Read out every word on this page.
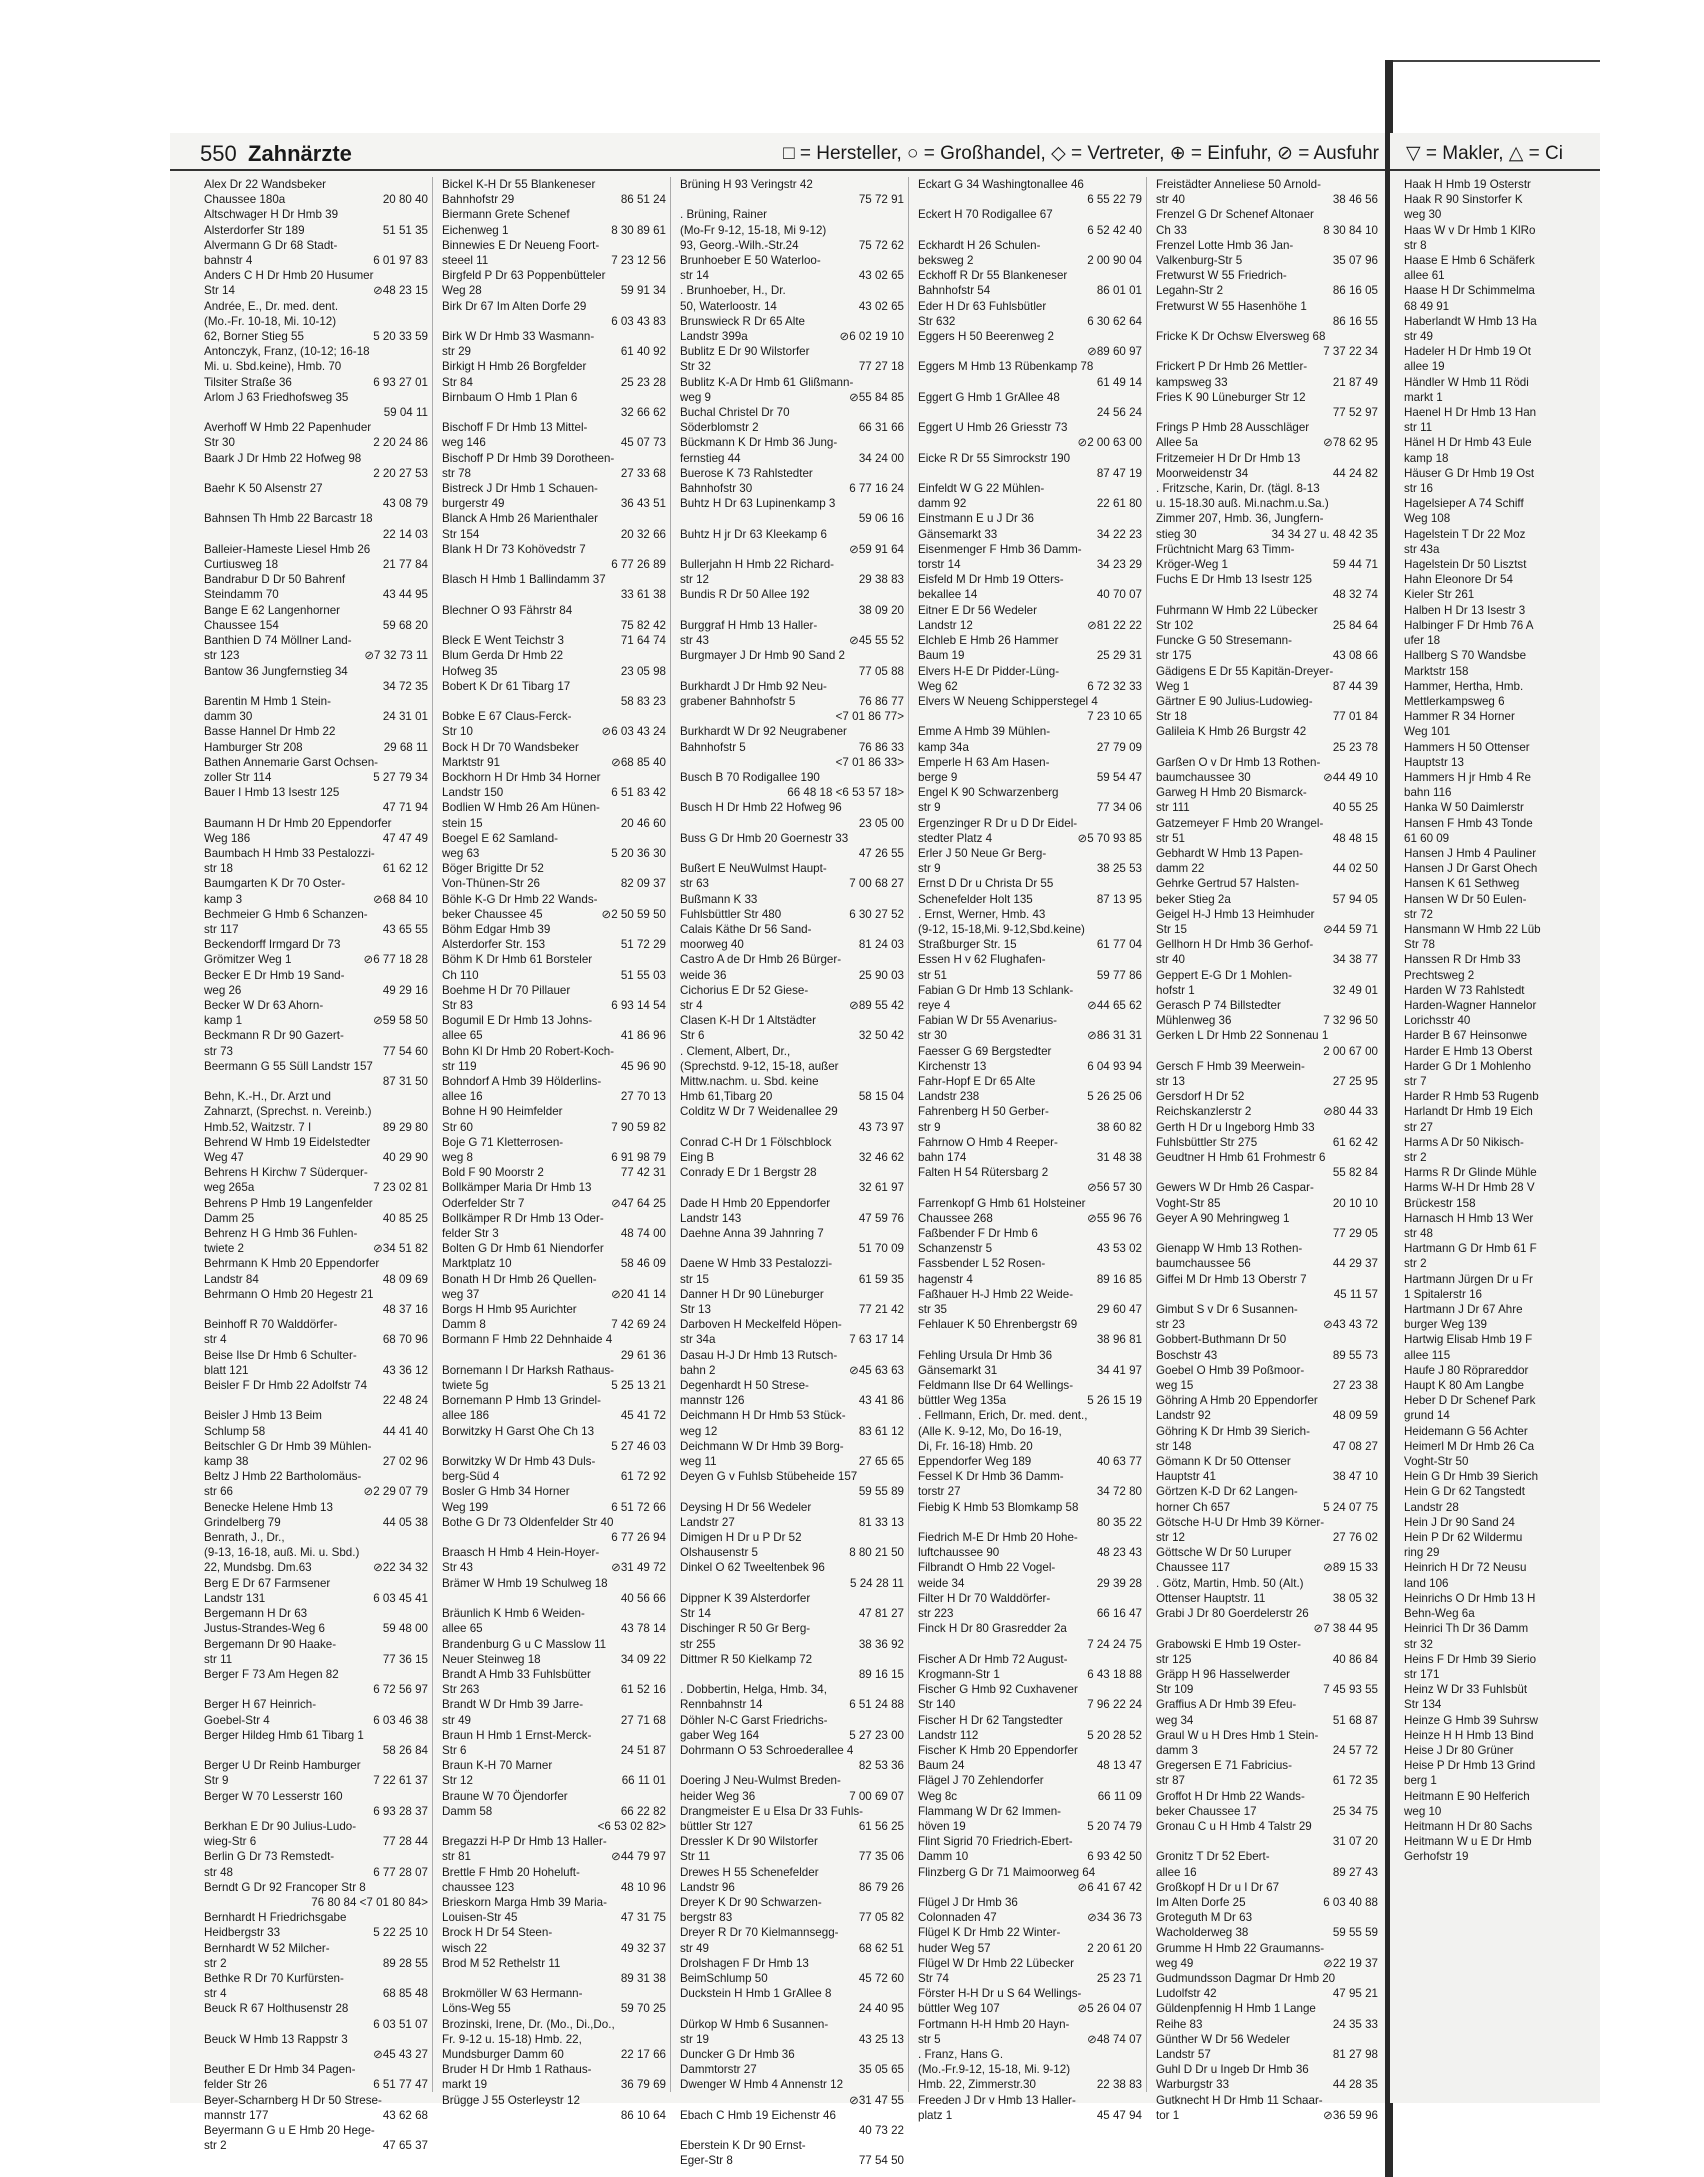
550 Zahnärzte	□ = Hersteller, ○ = Großhandel, ◇ = Vertreter, ⊕ = Einfuhr, ⊘ = Ausfuhr
Alex Dr 22 Wandsbeker
Chaussee 180a	20 80 40
Altschwager H Dr Hmb 39
Alsterdorfer Str 189	51 51 35
Alvermann G Dr 68 Stadt-
bahnstr 4	6 01 97 83
Anders C H Dr Hmb 20 Husumer
Str 14	⊘48 23 15
Andrée, E., Dr. med. dent.
(Mo.-Fr. 10-18, Mi. 10-12)
62, Borner Stieg 55	5 20 33 59
Antonczyk, Franz, (10-12; 16-18
Mi. u. Sbd.keine), Hmb. 70
Tilsiter Straße 36	6 93 27 01
Arlom J 63 Friedhofsweg 35
59 04 11
Averhoff W Hmb 22 Papenhuder
Str 30	2 20 24 86
Baark J Dr Hmb 22 Hofweg 98
2 20 27 53
Baehr K 50 Alsenstr 27
43 08 79
Bahnsen Th Hmb 22 Barcastr 18
22 14 03
Balleier-Hameste Liesel Hmb 26
Curtiusweg 18	21 77 84
Bandrabur D Dr 50 Bahrenf
Steindamm 70	43 44 95
Bange E 62 Langenhorner
Chaussee 154	59 68 20
Banthien D 74 Möllner Land-
str 123	⊘7 32 73 11
Bantow 36 Jungfernstieg 34
34 72 35
Barentin M Hmb 1 Stein-
damm 30	24 31 01
Basse Hannel Dr Hmb 22
Hamburger Str 208	29 68 11
Bathen Annemarie Garst Ochsen-
zoller Str 114	5 27 79 34
Bauer I Hmb 13 Isestr 125
47 71 94
Baumann H Dr Hmb 20 Eppendorfer
Weg 186	47 47 49
Baumbach H Hmb 33 Pestalozzi-
str 18	61 62 12
Baumgarten K Dr 70 Oster-
kamp 3	⊘68 84 10
Bechmeier G Hmb 6 Schanzen-
str 117	43 65 55
Beckendorff Irmgard Dr 73
Grömitzer Weg 1	⊘6 77 18 28
Becker E Dr Hmb 19 Sand-
weg 26	49 29 16
Becker W Dr 63 Ahorn-
kamp 1	⊘59 58 50
Beckmann R Dr 90 Gazert-
str 73	77 54 60
Beermann G 55 Süll Landstr 157
87 31 50
Behn, K.-H., Dr. Arzt und
Zahnarzt, (Sprechst. n. Vereinb.)
Hmb.52, Waitzstr. 7 I	89 29 80
Behrend W Hmb 19 Eidelstedter
Weg 47	40 29 90
Behrens H Kirchw 7 Süderquer-
weg 265a	7 23 02 81
Behrens P Hmb 19 Langenfelder
Damm 25	40 85 25
Behrenz H G Hmb 36 Fuhlen-
twiete 2	⊘34 51 82
Behrmann K Hmb 20 Eppendorfer
Landstr 84	48 09 69
Behrmann O Hmb 20 Hegestr 21
48 37 16
Beinhoff R 70 Walddörfer-
str 4	68 70 96
Beise Ilse Dr Hmb 6 Schulter-
blatt 121	43 36 12
Beisler F Dr Hmb 22 Adolfstr 74
22 48 24
Beisler J Hmb 13 Beim
Schlump 58	44 41 40
Beitschler G Dr Hmb 39 Mühlen-
kamp 38	27 02 96
Beltz J Hmb 22 Bartholomäus-
str 66	⊘2 29 07 79
Benecke Helene Hmb 13
Grindelberg 79	44 05 38
Benrath, J., Dr.,
(9-13, 16-18, auß. Mi. u. Sbd.)
22, Mundsbg. Dm.63	⊘22 34 32
Berg E Dr 67 Farmsener
Landstr 131	6 03 45 41
Bergemann H Dr 63
Justus-Strandes-Weg 6	59 48 00
Bergemann Dr 90 Haake-
str 11	77 36 15
Berger F 73 Am Hegen 82
6 72 56 97
Berger H 67 Heinrich-
Goebel-Str 4	6 03 46 38
Berger Hildeg Hmb 61 Tibarg 1
58 26 84
Berger U Dr Reinb Hamburger
Str 9	7 22 61 37
Berger W 70 Lesserstr 160
6 93 28 37
Berkhan E Dr 90 Julius-Ludo-
wieg-Str 6	77 28 44
Berlin G Dr 73 Remstedt-
str 48	6 77 28 07
Berndt G Dr 92 Francoper Str 8
76 80 84 <7 01 80 84>
Bernhardt H Friedrichsgabe
Heidbergstr 33	5 22 25 10
Bernhardt W 52 Milcher-
str 2	89 28 55
Bethke R Dr 70 Kurfürsten-
str 4	68 85 48
Beuck R 67 Holthusenstr 28
6 03 51 07
Beuck W Hmb 13 Rappstr 3
⊘45 43 27
Beuther E Dr Hmb 34 Pagen-
felder Str 26	6 51 77 47
Beyer-Scharnberg H Dr 50 Strese-
mannstr 177	43 62 68
Beyermann G u E Hmb 20 Hege-
str 2	47 65 37
Bickel K-H Dr 55 Blankeneser
Bahnhofstr 29	86 51 24
Biermann Grete Schenef
Eichenweg 1	8 30 89 61
Binnewies E Dr Neueng Foort-
steeel 11	7 23 12 56
Birgfeld P Dr 63 Poppenbütteler
Weg 28	59 91 34
Birk Dr 67 Im Alten Dorfe 29
6 03 43 83
Birk W Dr Hmb 33 Wasmann-
str 29	61 40 92
Birkigt H Hmb 26 Borgfelder
Str 84	25 23 28
Birnbaum O Hmb 1 Plan 6
32 66 62
Bischoff F Dr Hmb 13 Mittel-
weg 146	45 07 73
Bischoff P Dr Hmb 39 Dorotheen-
str 78	27 33 68
Bistreck J Dr Hmb 1 Schauen-
burgerstr 49	36 43 51
Blanck A Hmb 26 Marienthaler
Str 154	20 32 66
Blank H Dr 73 Kohövedstr 7
6 77 26 89
Blasch H Hmb 1 Ballindamm 37
33 61 38
Blechner O 93 Fährstr 84
75 82 42
Bleck E Went Teichstr 3	71 64 74
Blum Gerda Dr Hmb 22
Hofweg 35	23 05 98
Bobert K Dr 61 Tibarg 17
58 83 23
Bobke E 67 Claus-Ferck-
Str 10	⊘6 03 43 24
Bock H Dr 70 Wandsbeker
Marktstr 91	⊘68 85 40
Bockhorn H Dr Hmb 34 Horner
Landstr 150	6 51 83 42
Bodlien W Hmb 26 Am Hünen-
stein 15	20 46 60
Boegel E 62 Samland-
weg 63	5 20 36 30
Böger Brigitte Dr 52
Von-Thünen-Str 26	82 09 37
Böhle K-G Dr Hmb 22 Wands-
beker Chaussee 45	⊘2 50 59 50
Böhm Edgar Hmb 39
Alsterdorfer Str. 153	51 72 29
Böhm K Dr Hmb 61 Borsteler
Ch 110	51 55 03
Boehme H Dr 70 Pillauer
Str 83	6 93 14 54
Bogumil E Dr Hmb 13 Johns-
allee 65	41 86 96
Bohn Kl Dr Hmb 20 Robert-Koch-
str 119	45 96 90
Bohndorf A Hmb 39 Hölderlins-
allee 16	27 70 13
Bohne H 90 Heimfelder
Str 60	7 90 59 82
Boje G 71 Kletterrosen-
weg 8	6 91 98 79
Bold F 90 Moorstr 2	77 42 31
Bollkämper Maria Dr Hmb 13
Oderfelder Str 7	⊘47 64 25
Bollkämper R Dr Hmb 13 Oder-
felder Str 3	48 74 00
Bolten G Dr Hmb 61 Niendorfer
Marktplatz 10	58 46 09
Bonath H Dr Hmb 26 Quellen-
weg 37	⊘20 41 14
Borgs H Hmb 95 Aurichter
Damm 8	7 42 69 24
Bormann F Hmb 22 Dehnhaide 4
29 61 36
Bornemann I Dr Harksh Rathaus-
twiete 5g	5 25 13 21
Bornemann P Hmb 13 Grindel-
allee 186	45 41 72
Borwitzky H Garst Ohe Ch 13
5 27 46 03
Borwitzky W Dr Hmb 43 Duls-
berg-Süd 4	61 72 92
Bosler G Hmb 34 Horner
Weg 199	6 51 72 66
Bothe G Dr 73 Oldenfelder Str 40
6 77 26 94
Braasch H Hmb 4 Hein-Hoyer-
Str 43	⊘31 49 72
Brämer W Hmb 19 Schulweg 18
40 56 66
Bräunlich K Hmb 6 Weiden-
allee 65	43 78 14
Brandenburg G u C Masslow 11
Neuer Steinweg 18	34 09 22
Brandt A Hmb 33 Fuhlsbütter
Str 263	61 52 16
Brandt W Dr Hmb 39 Jarre-
str 49	27 71 68
Braun H Hmb 1 Ernst-Merck-
Str 6	24 51 87
Braun K-H 70 Marner
Str 12	66 11 01
Braune W 70 Öjendorfer
Damm 58	66 22 82
<6 53 02 82>
Bregazzi H-P Dr Hmb 13 Haller-
str 81	⊘44 79 97
Brettle F Hmb 20 Hoheluft-
chaussee 123	48 10 96
Brieskorn Marga Hmb 39 Maria-
Louisen-Str 45	47 31 75
Brock H Dr 54 Steen-
wisch 22	49 32 37
Brod M 52 Rethelstr 11
89 31 38
Brokmöller W 63 Hermann-
Löns-Weg 55	59 70 25
Brozinski, Irene, Dr. (Mo., Di.,Do.,
Fr. 9-12 u. 15-18) Hmb. 22,
Mundsburger Damm 60	22 17 66
Bruder H Dr Hmb 1 Rathaus-
markt 19	36 79 69
Brügge J 55 Osterleystr 12
86 10 64
Brüning H 93 Veringstr 42
75 72 91
. Brüning, Rainer
(Mo-Fr 9-12, 15-18, Mi 9-12)
93, Georg.-Wilh.-Str.24	75 72 62
Brunhoeber E 50 Waterloo-
str 14	43 02 65
. Brunhoeber, H., Dr.
50, Waterloostr. 14	43 02 65
Brunswieck R Dr 65 Alte
Landstr 399a	⊘6 02 19 10
Bublitz E Dr 90 Wilstorfer
Str 32	77 27 18
Bublitz K-A Dr Hmb 61 Glißmann-
weg 9	⊘55 84 85
Buchal Christel Dr 70
Söderblomstr 2	66 31 66
Bückmann K Dr Hmb 36 Jung-
fernstieg 44	34 24 00
Buerose K 73 Rahlstedter
Bahnhofstr 30	6 77 16 24
Buhtz H Dr 63 Lupinenkamp 3
59 06 16
Buhtz H jr Dr 63 Kleekamp 6
⊘59 91 64
Bullerjahn H Hmb 22 Richard-
str 12	29 38 83
Bundis R Dr 50 Allee 192
38 09 20
Burggraf H Hmb 13 Haller-
str 43	⊘45 55 52
Burgmayer J Dr Hmb 90 Sand 2
77 05 88
Burkhardt J Dr Hmb 92 Neu-
grabener Bahnhofstr 5	76 86 77
<7 01 86 77>
Burkhardt W Dr 92 Neugrabener
Bahnhofstr 5	76 86 33
<7 01 86 33>
Busch B 70 Rodigallee 190
66 48 18 <6 53 57 18>
Busch H Dr Hmb 22 Hofweg 96
23 05 00
Buss G Dr Hmb 20 Goernestr 33
47 26 55
Bußert E NeuWulmst Haupt-
str 63	7 00 68 27
Bußmann K 33
Fuhlsbüttler Str 480	6 30 27 52
Calais Käthe Dr 56 Sand-
moorweg 40	81 24 03
Castro A de Dr Hmb 26 Bürger-
weide 36	25 90 03
Cichorius E Dr 52 Giese-
str 4	⊘89 55 42
Clasen K-H Dr 1 Altstädter
Str 6	32 50 42
. Clement, Albert, Dr.,
(Sprechstd. 9-12, 15-18, außer
Mittw.nachm. u. Sbd. keine
Hmb 61,Tibarg 20	58 15 04
Colditz W Dr 7 Weidenallee 29
43 73 97
Conrad C-H Dr 1 Fölschblock
Eing B	32 46 62
Conrady E Dr 1 Bergstr 28
32 61 97
Dade H Hmb 20 Eppendorfer
Landstr 143	47 59 76
Daehne Anna 39 Jahnring 7
51 70 09
Daene W Hmb 33 Pestalozzi-
str 15	61 59 35
Danner H Dr 90 Lüneburger
Str 13	77 21 42
Darboven H Meckelfeld Höpen-
str 34a	7 63 17 14
Dasau H-J Dr Hmb 13 Rutsch-
bahn 2	⊘45 63 63
Degenhardt H 50 Strese-
mannstr 126	43 41 86
Deichmann H Dr Hmb 53 Stück-
weg 12	83 61 12
Deichmann W Dr Hmb 39 Borg-
weg 11	27 65 65
Deyen G v Fuhlsb Stübeheide 157
59 55 89
Deysing H Dr 56 Wedeler
Landstr 27	81 33 13
Dimigen H Dr u P Dr 52
Olshausenstr 5	8 80 21 50
Dinkel O 62 Tweeltenbek 96
5 24 28 11
Dippner K 39 Alsterdorfer
Str 14	47 81 27
Dischinger R 50 Gr Berg-
str 255	38 36 92
Dittmer R 50 Kielkamp 72
89 16 15
. Dobbertin, Helga, Hmb. 34,
Rennbahnstr 14	6 51 24 88
Döhler N-C Garst Friedrichs-
gaber Weg 164	5 27 23 00
Dohrmann O 53 Schroederallee 4
82 53 36
Doering J Neu-Wulmst Breden-
heider Weg 36	7 00 69 07
Drangmeister E u Elsa Dr 33 Fuhls-
büttler Str 127	61 56 25
Dressler K Dr 90 Wilstorfer
Str 11	77 35 06
Drewes H 55 Schenefelder
Landstr 96	86 79 26
Dreyer K Dr 90 Schwarzen-
bergstr 83	77 05 82
Dreyer R Dr 70 Kielmannsegg-
str 49	68 62 51
Drolshagen F Dr Hmb 13
BeimSchlump 50	45 72 60
Duckstein H Hmb 1 GrAllee 8
24 40 95
Dürkop W Hmb 6 Susannen-
str 19	43 25 13
Duncker G Dr Hmb 36
Dammtorstr 27	35 05 65
Dwenger W Hmb 4 Annenstr 12
⊘31 47 55
Ebach C Hmb 19 Eichenstr 46
40 73 22
Eberstein K Dr 90 Ernst-
Eger-Str 8	77 54 50
Eckart G 34 Washingtonallee 46
6 55 22 79
Eckert H 70 Rodigallee 67
6 52 42 40
Eckhardt H 26 Schulen-
beksweg 2	2 00 90 04
Eckhoff R Dr 55 Blankeneser
Bahnhofstr 54	86 01 01
Eder H Dr 63 Fuhlsbütler
Str 632	6 30 62 64
Eggers H 50 Beerenweg 2
⊘89 60 97
Eggers M Hmb 13 Rübenkamp 78
61 49 14
Eggert G Hmb 1 GrAllee 48
24 56 24
Eggert U Hmb 26 Griesstr 73
⊘2 00 63 00
Eicke R Dr 55 Simrockstr 190
87 47 19
Einfeldt W G 22 Mühlen-
damm 92	22 61 80
Einstmann E u J Dr 36
Gänsemarkt 33	34 22 23
Eisenmenger F Hmb 36 Damm-
torstr 14	34 23 29
Eisfeld M Dr Hmb 19 Otters-
bekallee 14	40 70 07
Eitner E Dr 56 Wedeler
Landstr 12	⊘81 22 22
Elchleb E Hmb 26 Hammer
Baum 19	25 29 31
Elvers H-E Dr Pidder-Lüng-
Weg 62	6 72 32 33
Elvers W Neueng Schipperstegel 4
7 23 10 65
Emme A Hmb 39 Mühlen-
kamp 34a	27 79 09
Emperle H 63 Am Hasen-
berge 9	59 54 47
Engel K 90 Schwarzenberg
str 9	77 34 06
Ergenzinger R Dr u D Dr Eidel-
stedter Platz 4	⊘5 70 93 85
Erler J 50 Neue Gr Berg-
str 9	38 25 53
Ernst D Dr u Christa Dr 55
Schenefelder Holt 135	87 13 95
. Ernst, Werner, Hmb. 43
(9-12, 15-18,Mi. 9-12,Sbd.keine)
Straßburger Str. 15	61 77 04
Essen H v 62 Flughafen-
str 51	59 77 86
Fabian G Dr Hmb 13 Schlank-
reye 4	⊘44 65 62
Fabian W Dr 55 Avenarius-
str 30	⊘86 31 31
Faesser G 69 Bergstedter
Kirchenstr 13	6 04 93 94
Fahr-Hopf E Dr 65 Alte
Landstr 238	5 26 25 06
Fahrenberg H 50 Gerber-
str 9	38 60 82
Fahrnow O Hmb 4 Reeper-
bahn 174	31 48 38
Falten H 54 Rütersbarg 2
⊘56 57 30
Farrenkopf G Hmb 61 Holsteiner
Chaussee 268	⊘55 96 76
Faßbender F Dr Hmb 6
Schanzenstr 5	43 53 02
Fassbender L 52 Rosen-
hagenstr 4	89 16 85
Faßhauer H-J Hmb 22 Weide-
str 35	29 60 47
Fehlauer K 50 Ehrenbergstr 69
38 96 81
Fehling Ursula Dr Hmb 36
Gänsemarkt 31	34 41 97
Feldmann Ilse Dr 64 Wellings-
büttler Weg 135a	5 26 15 19
. Fellmann, Erich, Dr. med. dent.,
(Alle K. 9-12, Mo, Do 16-19,
Di, Fr. 16-18) Hmb. 20
Eppendorfer Weg 189	40 63 77
Fessel K Dr Hmb 36 Damm-
torstr 27	34 72 80
Fiebig K Hmb 53 Blomkamp 58
80 35 22
Fiedrich M-E Dr Hmb 20 Hohe-
luftchaussee 90	48 23 43
Filbrandt O Hmb 22 Vogel-
weide 34	29 39 28
Filter H Dr 70 Walddörfer-
str 223	66 16 47
Finck H Dr 80 Grasredder 2a
7 24 24 75
Fischer A Dr Hmb 72 August-
Krogmann-Str 1	6 43 18 88
Fischer G Hmb 92 Cuxhavener
Str 140	7 96 22 24
Fischer H Dr 62 Tangstedter
Landstr 112	5 20 28 52
Fischer K Hmb 20 Eppendorfer
Baum 24	48 13 47
Flägel J 70 Zehlendorfer
Weg 8c	66 11 09
Flammang W Dr 62 Immen-
höven 19	5 20 74 79
Flint Sigrid 70 Friedrich-Ebert-
Damm 10	6 93 42 50
Flinzberg G Dr 71 Maimoorweg 64
⊘6 41 67 42
Flügel J Dr Hmb 36
Colonnaden 47	⊘34 36 73
Flügel K Dr Hmb 22 Winter-
huder Weg 57	2 20 61 20
Flügel W Dr Hmb 22 Lübecker
Str 74	25 23 71
Förster H-H Dr u S 64 Wellings-
büttler Weg 107	⊘5 26 04 07
Fortmann H-H Hmb 20 Hayn-
str 5	⊘48 74 07
. Franz, Hans G.
(Mo.-Fr.9-12, 15-18, Mi. 9-12)
Hmb. 22, Zimmerstr.30	22 38 83
Freeden J Dr v Hmb 13 Haller-
platz 1	45 47 94
Freistädter Anneliese 50 Arnold-
str 40	38 46 56
Frenzel G Dr Schenef Altonaer
Ch 33	8 30 84 10
Frenzel Lotte Hmb 36 Jan-
Valkenburg-Str 5	35 07 96
Fretwurst W 55 Friedrich-
Legahn-Str 2	86 16 05
Fretwurst W 55 Hasenhöhe 1
86 16 55
Fricke K Dr Ochsw Elversweg 68
7 37 22 34
Frickert P Dr Hmb 26 Mettler-
kampsweg 33	21 87 49
Fries K 90 Lüneburger Str 12
77 52 97
Frings P Hmb 28 Ausschläger
Allee 5a	⊘78 62 95
Fritzemeier H Dr Dr Hmb 13
Moorweidenstr 34	44 24 82
. Fritzsche, Karin, Dr. (tägl. 8-13
u. 15-18.30 auß. Mi.nachm.u.Sa.)
Zimmer 207, Hmb. 36, Jungfern-
stieg 30	34 34 27 u. 48 42 35
Früchtnicht Marg 63 Timm-
Kröger-Weg 1	59 44 71
Fuchs E Dr Hmb 13 Isestr 125
48 32 74
Fuhrmann W Hmb 22 Lübecker
Str 102	25 84 64
Funcke G 50 Stresemann-
str 175	43 08 66
Gädigens E Dr 55 Kapitän-Dreyer-
Weg 1	87 44 39
Gärtner E 90 Julius-Ludowieg-
Str 18	77 01 84
Galileia K Hmb 26 Burgstr 42
25 23 78
Garßen O v Dr Hmb 13 Rothen-
baumchaussee 30	⊘44 49 10
Garweg H Hmb 20 Bismarck-
str 111	40 55 25
Gatzemeyer F Hmb 20 Wrangel-
str 51	48 48 15
Gebhardt W Hmb 13 Papen-
damm 22	44 02 50
Gehrke Gertrud 57 Halsten-
beker Stieg 2a	57 94 05
Geigel H-J Hmb 13 Heimhuder
Str 15	⊘44 59 71
Gellhorn H Dr Hmb 36 Gerhof-
str 40	34 38 77
Geppert E-G Dr 1 Mohlen-
hofstr 1	32 49 01
Gerasch P 74 Billstedter
Mühlenweg 36	7 32 96 50
Gerken L Dr Hmb 22 Sonnenau 1
2 00 67 00
Gersch F Hmb 39 Meerwein-
str 13	27 25 95
Gersdorf H Dr 52
Reichskanzlerstr 2	⊘80 44 33
Gerth H Dr u Ingeborg Hmb 33
Fuhlsbüttler Str 275	61 62 42
Geudtner H Hmb 61 Frohmestr 6
55 82 84
Gewers W Dr Hmb 26 Caspar-
Voght-Str 85	20 10 10
Geyer A 90 Mehringweg 1
77 29 05
Gienapp W Hmb 13 Rothen-
baumchaussee 56	44 29 37
Giffei M Dr Hmb 13 Oberstr 7
45 11 57
Gimbut S v Dr 6 Susannen-
str 23	⊘43 43 72
Gobbert-Buthmann Dr 50
Boschstr 43	89 55 73
Goebel O Hmb 39 Poßmoor-
weg 15	27 23 38
Göhring A Hmb 20 Eppendorfer
Landstr 92	48 09 59
Göhring K Dr Hmb 39 Sierich-
str 148	47 08 27
Gömann K Dr 50 Ottenser
Hauptstr 41	38 47 10
Görtzen K-D Dr 62 Langen-
horner Ch 657	5 24 07 75
Götsche H-U Dr Hmb 39 Körner-
str 12	27 76 02
Göttsche W Dr 50 Luruper
Chaussee 117	⊘89 15 33
. Götz, Martin, Hmb. 50 (Alt.)
Ottenser Hauptstr. 11	38 05 32
Grabi J Dr 80 Goerdelerstr 26
⊘7 38 44 95
Grabowski E Hmb 19 Oster-
str 125	40 86 84
Gräpp H 96 Hasselwerder
Str 109	7 45 93 55
Graffius A Dr Hmb 39 Efeu-
weg 34	51 68 87
Graul W u H Dres Hmb 1 Stein-
damm 3	24 57 72
Gregersen E 71 Fabricius-
str 87	61 72 35
Groffot H Dr Hmb 22 Wands-
beker Chaussee 17	25 34 75
Gronau C u H Hmb 4 Talstr 29
31 07 20
Gronitz T Dr 52 Ebert-
allee 16	89 27 43
Großkopf H Dr u I Dr 67
Im Alten Dorfe 25	6 03 40 88
Groteguth M Dr 63
Wacholderweg 38	59 55 59
Grumme H Hmb 22 Graumanns-
weg 49	⊘22 19 37
Gudmundsson Dagmar Dr Hmb 20
Ludolfstr 42	47 95 21
Güldenpfennig H Hmb 1 Lange
Reihe 83	24 35 33
Günther W Dr 56 Wedeler
Landstr 57	81 27 98
Guhl D Dr u Ingeb Dr Hmb 36
Warburgstr 33	44 28 35
Gutknecht H Dr Hmb 11 Schaar-
tor 1	⊘36 59 96
▽ = Makler, △ = Ci
Haak H Hmb 19 Osterstr
Haak R 90 Sinstorfer K
weg 30
Haas W v Dr Hmb 1 KlRo
str 8
Haase E Hmb 6 Schäferk
allee 61
Haase H Dr Schimmelma
68 49 91
Haberlandt W Hmb 13 Ha
str 49
Hadeler H Dr Hmb 19 Ot
allee 19
Händler W Hmb 11 Rödi
markt 1
Haenel H Dr Hmb 13 Han
str 11
Hänel H Dr Hmb 43 Eule
kamp 18
Häuser G Dr Hmb 19 Ost
str 16
Hagelsieper A 74 Schiff
Weg 108
Hagelstein T Dr 22 Moz
str 43a
Hagelstein Dr 50 Lisztst
Hahn Eleonore Dr 54
Kieler Str 261
Halben H Dr 13 Isestr 3
Halbinger F Dr Hmb 76 A
ufer 18
Hallberg S 70 Wandsbe
Marktstr 158
Hammer, Hertha, Hmb.
Mettlerkampsweg 6
Hammer R 34 Horner
Weg 101
Hammers H 50 Ottenser
Hauptstr 13
Hammers H jr Hmb 4 Re
bahn 116
Hanka W 50 Daimlerstr
Hansen F Hmb 43 Tonde
61 60 09
Hansen J Hmb 4 Pauliner
Hansen J Dr Garst Ohech
Hansen K 61 Sethweg
Hansen W Dr 50 Eulen-
str 72
Hansmann W Hmb 22 Lüb
Str 78
Hanssen R Dr Hmb 33
Prechtsweg 2
Harden W 73 Rahlstedt
Harden-Wagner Hannelor
Lorichsstr 40
Harder B 67 Heinsonwe
Harder E Hmb 13 Oberst
Harder G Dr 1 Mohlenho
str 7
Harder R Hmb 53 Rugenb
Harlandt Dr Hmb 19 Eich
str 27
Harms A Dr 50 Nikisch-
str 2
Harms R Dr Glinde Mühle
Harms W-H Dr Hmb 28 V
Brückestr 158
Harnasch H Hmb 13 Wer
str 48
Hartmann G Dr Hmb 61 F
str 2
Hartmann Jürgen Dr u Fr
1 Spitalerstr 16
Hartmann J Dr 67 Ahre
burger Weg 139
Hartwig Elisab Hmb 19 F
allee 115
Haufe J 80 Röprareddor
Haupt K 80 Am Langbe
Heber D Dr Schenef Park
grund 14
Heidemann G 56 Achter
Heimerl M Dr Hmb 26 Ca
Voght-Str 50
Hein G Dr Hmb 39 Sierich
Hein G Dr 62 Tangstedt
Landstr 28
Hein J Dr 90 Sand 24
Hein P Dr 62 Wildermu
ring 29
Heinrich H Dr 72 Neusu
land 106
Heinrichs O Dr Hmb 13 H
Behn-Weg 6a
Heinrici Th Dr 36 Damm
str 32
Heins F Dr Hmb 39 Sierio
str 171
Heinz W Dr 33 Fuhlsbüt
Str 134
Heinze G Hmb 39 Suhrsw
Heinze H H Hmb 13 Bind
Heise J Dr 80 Grüner
Heise P Dr Hmb 13 Grind
berg 1
Heitmann E 90 Helferich
weg 10
Heitmann H Dr 80 Sachs
Heitmann W u E Dr Hmb
Gerhofstr 19
